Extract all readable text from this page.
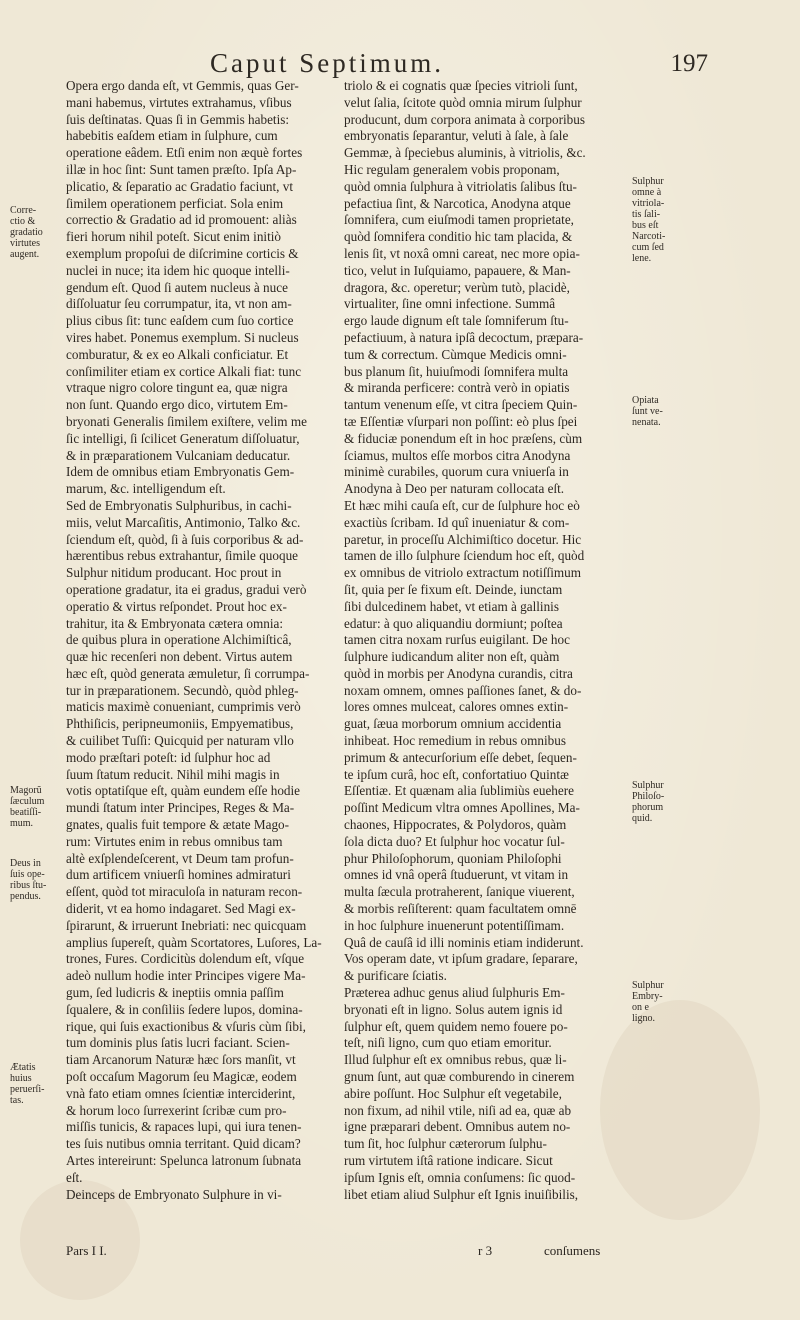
Caput Septimum.	197
Opera ergo danda eſt, vt Gemmis, quas Ger-
mani habemus, virtutes extrahamus, vſibus
ſuis deſtinatas. Quas ſi in Gemmis habetis:
habebitis eaſdem etiam in ſulphure, cum
operatione eâdem. Etſi enim non æquè fortes
illæ in hoc ſint: Sunt tamen præſto. Ipſa Ap-
plicatio, & ſeparatio ac Gradatio faciunt, vt
ſimilem operationem perficiat. Sola enim
correctio & Gradatio ad id promouent: aliàs
fieri horum nihil poteſt. Sicut enim initiò
exemplum propoſui de diſcrimine corticis &
nuclei in nuce; ita idem hic quoque intelli-
gendum eſt. Quod ſi autem nucleus à nuce
diſſoluatur ſeu corrumpatur, ita, vt non am-
plius cibus ſit: tunc eaſdem cum ſuo cortice
vires habet. Ponemus exemplum. Si nucleus
comburatur, & ex eo Alkali conficiatur. Et
conſimiliter etiam ex cortice Alkali fiat: tunc
vtraque nigro colore tingunt ea, quæ nigra
non ſunt. Quando ergo dico, virtutem Em-
bryonati Generalis ſimilem exiſtere, velim me
ſic intelligi, ſi ſcilicet Generatum diſſoluatur,
& in præparationem Vulcaniam deducatur.
Idem de omnibus etiam Embryonatis Gem-
marum, &c. intelligendum eſt.
Sed de Embryonatis Sulphuribus, in cachi-
miis, velut Marcaſitis, Antimonio, Talko &c.
ſciendum eſt, quòd, ſi à ſuis corporibus & ad-
hærentibus rebus extrahantur, ſimile quoque
Sulphur nitidum producant. Hoc prout in
operatione gradatur, ita ei gradus, gradui verò
operatio & virtus reſpondet. Prout hoc ex-
trahitur, ita & Embryonata cætera omnia:
de quibus plura in operatione Alchimiſticâ,
quæ hic recenſeri non debent. Virtus autem
hæc eſt, quòd generata æmuletur, ſi corrumpa-
tur in præparationem. Secundò, quòd phleg-
maticis maximè conueniant, cumprimis verò
Phthiſicis, peripneumoniis, Empyematibus,
& cuilibet Tuſſi: Quicquid per naturam vllo
modo præſtari poteſt: id ſulphur hoc ad
ſuum ſtatum reducit. Nihil mihi magis in
votis optatiſque eſt, quàm eundem eſſe hodie
mundi ſtatum inter Principes, Reges & Ma-
gnates, qualis fuit tempore & ætate Mago-
rum: Virtutes enim in rebus omnibus tam
altè exſplendeſcerent, vt Deum tam profun-
dum artificem vniuerſi homines admiraturi
eſſent, quòd tot miraculoſa in naturam recon-
diderit, vt ea homo indagaret. Sed Magi ex-
ſpirarunt, & irruerunt Inebriati: nec quicquam
amplius ſupereſt, quàm Scortatores, Luſores, La-
trones, Fures. Cordicitùs dolendum eſt, vſque
adeò nullum hodie inter Principes vigere Ma-
gum, ſed ludicris & ineptiis omnia paſſim
ſqualere, & in conſiliis ſedere lupos, domina-
rique, qui ſuis exactionibus & vſuris cùm ſibi,
tum dominis plus ſatis lucri faciant. Scien-
tiam Arcanorum Naturæ hæc ſors manſit, vt
poſt occaſum Magorum ſeu Magicæ, eodem
vnà fato etiam omnes ſcientiæ interciderint,
& horum loco ſurrexerint ſcribæ cum pro-
miſſis tunicis, & rapaces lupi, qui iura tenen-
tes ſuis nutibus omnia territant. Quid dicam?
Artes intereirunt: Spelunca latronum ſubnata
eſt.
Deinceps de Embryonato Sulphure in vi-
triolo & ei cognatis quæ ſpecies vitrioli ſunt,
velut ſalia, ſcitote quòd omnia mirum ſulphur
producunt, dum corpora animata à corporibus
embryonatis ſeparantur, veluti à ſale, à ſale
Gemmæ, à ſpeciebus aluminis, à vitriolis, &c.
Hic regulam generalem vobis proponam,
quòd omnia ſulphura à vitriolatis ſalibus ſtu-
pefactiua ſint, & Narcotica, Anodyna atque
ſomnifera, cum eiuſmodi tamen proprietate,
quòd ſomnifera conditio hic tam placida, &
lenis ſit, vt noxâ omni careat, nec more opia-
tico, velut in Iuſquiamo, papauere, & Man-
dragora, &c. operetur; verùm tutò, placidè,
virtualiter, ſine omni infectione. Summâ
ergo laude dignum eſt tale ſomniferum ſtu-
pefactiuum, à natura ipſâ decoctum, præpara-
tum & correctum. Cùmque Medicis omni-
bus planum ſit, huiuſmodi ſomnifera multa
& miranda perficere: contrà verò in opiatis
tantum venenum eſſe, vt citra ſpeciem Quin-
tæ Eſſentiæ vſurpari non poſſint: eò plus ſpei
& fiduciæ ponendum eſt in hoc præſens, cùm
ſciamus, multos eſſe morbos citra Anodyna
minimè curabiles, quorum cura vniuerſa in
Anodyna à Deo per naturam collocata eſt.
Et hæc mihi cauſa eſt, cur de ſulphure hoc eò
exactiùs ſcribam. Id quî inueniatur & com-
paretur, in proceſſu Alchimiſtico docetur. Hic
tamen de illo ſulphure ſciendum hoc eſt, quòd
ex omnibus de vitriolo extractum notiſſimum
ſit, quia per ſe fixum eſt. Deinde, iunctam
ſibi dulcedinem habet, vt etiam à gallinis
edatur: à quo aliquandiu dormiunt; poſtea
tamen citra noxam rurſus euigilant. De hoc
ſulphure iudicandum aliter non eſt, quàm
quòd in morbis per Anodyna curandis, citra
noxam omnem, omnes paſſiones ſanet, & do-
lores omnes mulceat, calores omnes extin-
guat, ſæua morborum omnium accidentia
inhibeat. Hoc remedium in rebus omnibus
primum & antecurſorium eſſe debet, ſequen-
te ipſum curâ, hoc eſt, confortatiuo Quintæ
Eſſentiæ. Et quænam alia ſublimiùs euehere
poſſint Medicum vltra omnes Apollines, Ma-
chaones, Hippocrates, & Polydoros, quàm
ſola dicta duo? Et ſulphur hoc vocatur ſul-
phur Philoſophorum, quoniam Philoſophi
omnes id vnâ operâ ſtuduerunt, vt vitam in
multa ſæcula protraherent, ſanique viuerent,
& morbis reſiſterent: quam facultatem omnē
in hoc ſulphure inuenerunt potentiſſimam.
Quâ de cauſâ id illi nominis etiam indiderunt.
Vos operam date, vt ipſum gradare, ſeparare,
& purificare ſciatis.
Præterea adhuc genus aliud ſulphuris Em-
bryonati eſt in ligno. Solus autem ignis id
ſulphur eſt, quem quidem nemo fouere po-
teſt, niſi ligno, cum quo etiam emoritur.
Illud ſulphur eſt ex omnibus rebus, quæ li-
gnum ſunt, aut quæ comburendo in cinerem
abire poſſunt. Hoc Sulphur eſt vegetabile,
non fixum, ad nihil vtile, niſi ad ea, quæ ab
igne præparari debent. Omnibus autem no-
tum ſit, hoc ſulphur cæterorum ſulphu-
rum virtutem iſtâ ratione indicare. Sicut
ipſum Ignis eſt, omnia conſumens: ſic quod-
libet etiam aliud Sulphur eſt Ignis inuiſibilis,
Corre-
ctio &
gradatio
virtutes
augent.
Magorũ
ſæculum
beatiſſi-
mum.
Deus in
ſuis ope-
ribus ſtu-
pendus.
Ætatis
huius
peruerſi-
tas.
Sulphur
omne à
vitriola-
tis ſali-
bus eſt
Narcoti-
cum ſed
lene.
Opiata
ſunt ve-
nenata.
Sulphur
Philoſo-
phorum
quid.
Sulphur
Embry-
on e
ligno.
Pars I I.	r 3	conſumens
